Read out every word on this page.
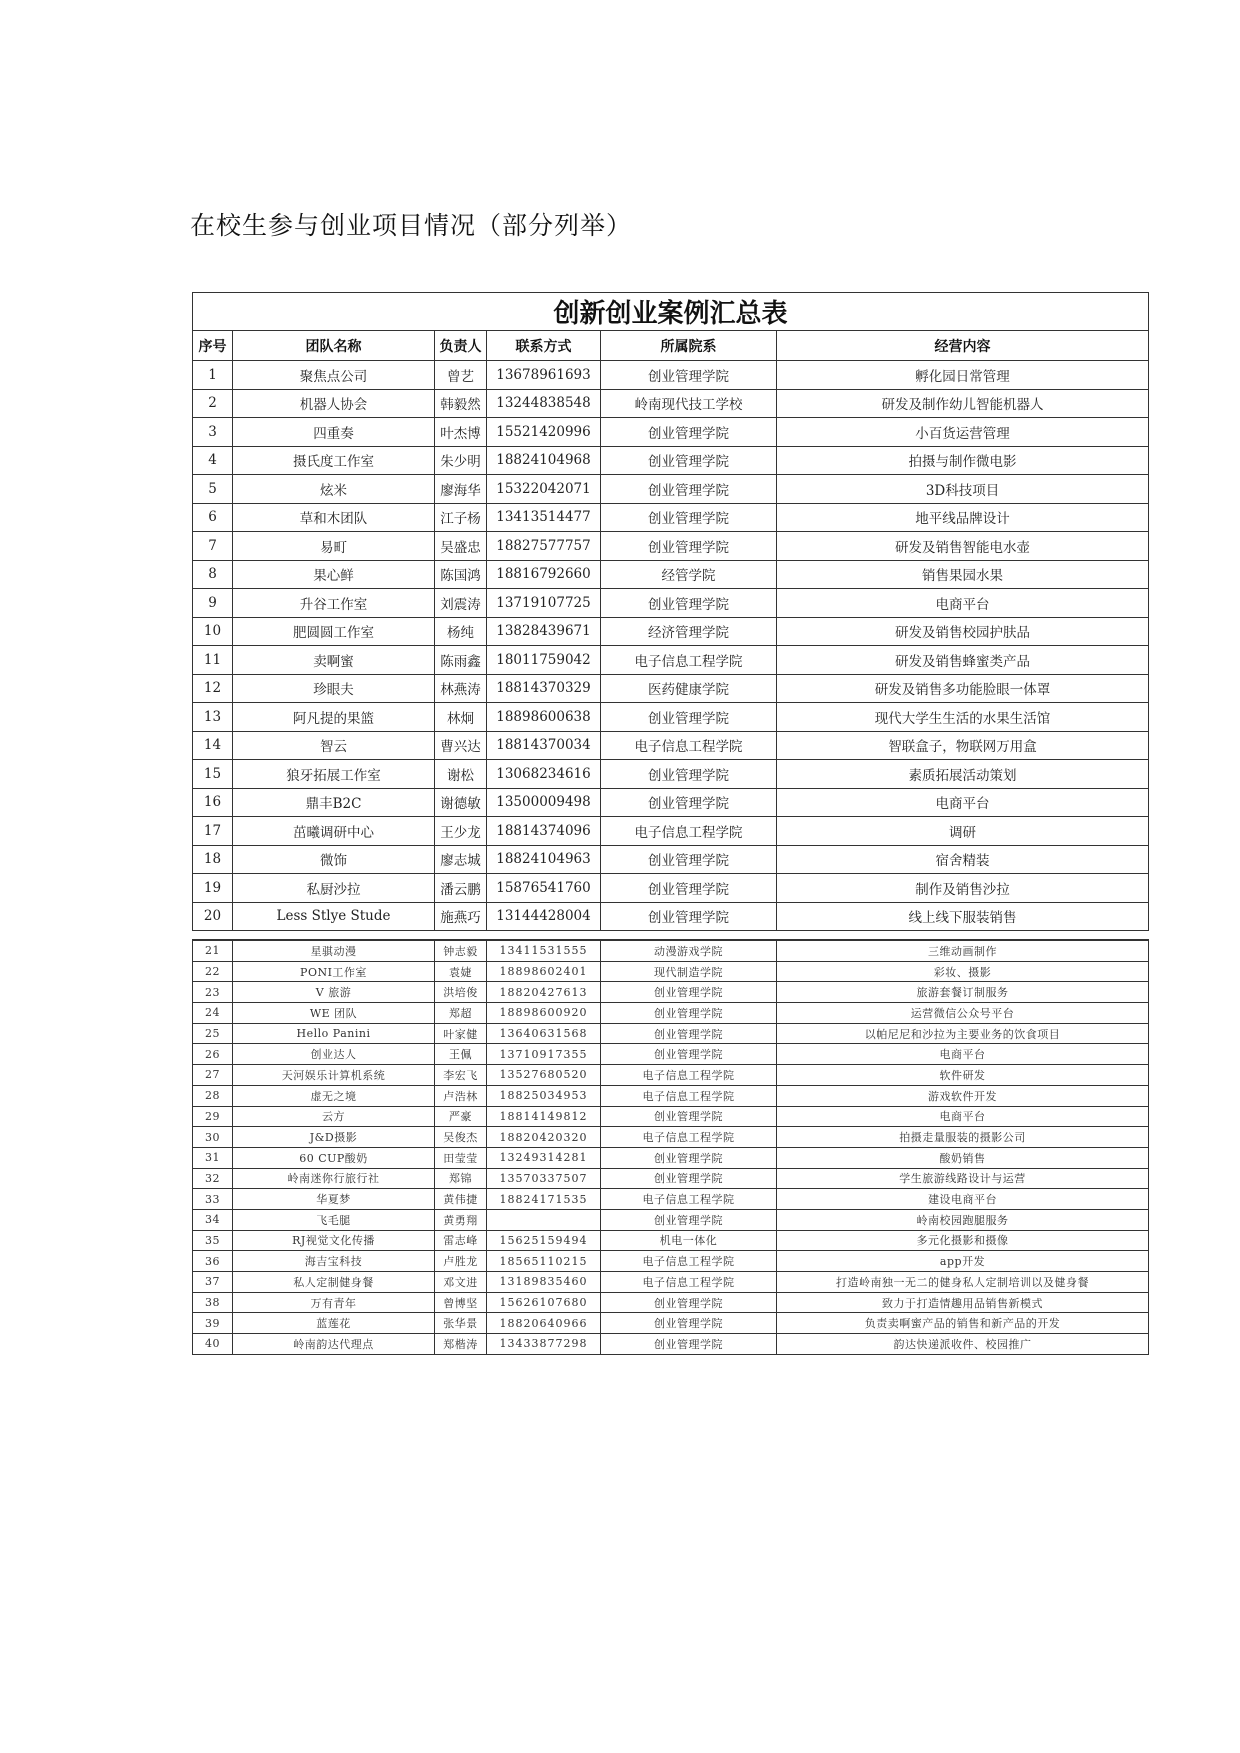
在校生参与创业项目情况（部分列举）
创新创业案例汇总表					
序号	团队名称	负责人	联系方式	所属院系	经营内容
1	聚焦点公司	曾艺	13678961693	创业管理学院	孵化园日常管理
2	机器人协会	韩毅然	13244838548	岭南现代技工学校	研发及制作幼儿智能机器人
3	四重奏	叶杰博	15521420996	创业管理学院	小百货运营管理
4	摄氏度工作室	朱少明	18824104968	创业管理学院	拍摄与制作微电影
5	炫米	廖海华	15322042071	创业管理学院	3D科技项目
6	草和木团队	江子杨	13413514477	创业管理学院	地平线品牌设计
7	易町	吴盛忠	18827577757	创业管理学院	研发及销售智能电水壶
8	果心鲜	陈国鸿	18816792660	经管学院	销售果园水果
9	升谷工作室	刘震涛	13719107725	创业管理学院	电商平台
10	肥圆圆工作室	杨纯	13828439671	经济管理学院	研发及销售校园护肤品
11	卖啊蜜	陈雨鑫	18011759042	电子信息工程学院	研发及销售蜂蜜类产品
12	珍眼夫	林燕涛	18814370329	医药健康学院	研发及销售多功能脸眼一体罩
13	阿凡提的果篮	林炯	18898600638	创业管理学院	现代大学生生活的水果生活馆
14	智云	曹兴达	18814370034	电子信息工程学院	智联盒子，物联网万用盒
15	狼牙拓展工作室	谢松	13068234616	创业管理学院	素质拓展活动策划
16	鼎丰B2C	谢德敏	13500009498	创业管理学院	电商平台
17	茁曦调研中心	王少龙	18814374096	电子信息工程学院	调研
18	微饰	廖志城	18824104963	创业管理学院	宿舍精装
19	私厨沙拉	潘云鹏	15876541760	创业管理学院	制作及销售沙拉
20	Less Stlye Stude	施燕巧	13144428004	创业管理学院	线上线下服装销售
21	星骐动漫	钟志毅	13411531555	动漫游戏学院	三维动画制作
22	PONI工作室	袁婕	18898602401	现代制造学院	彩妆、摄影
23	V 旅游	洪培俊	18820427613	创业管理学院	旅游套餐订制服务
24	WE 团队	郑超	18898600920	创业管理学院	运营微信公众号平台
25	Hello Panini	叶家健	13640631568	创业管理学院	以帕尼尼和沙拉为主要业务的饮食项目
26	创业达人	王佩	13710917355	创业管理学院	电商平台
27	天河娱乐计算机系统	李宏飞	13527680520	电子信息工程学院	软件研发
28	虚无之境	卢浩林	18825034953	电子信息工程学院	游戏软件开发
29	云方	严豪	18814149812	创业管理学院	电商平台
30	J&D摄影	吴俊杰	18820420320	电子信息工程学院	拍摄走量服装的摄影公司
31	60 CUP酸奶	田莹莹	13249314281	创业管理学院	酸奶销售
32	岭南迷你行旅行社	郑锦	13570337507	创业管理学院	学生旅游线路设计与运营
33	华夏梦	黄伟捷	18824171535	电子信息工程学院	建设电商平台
34	飞毛腿	黄勇翔		创业管理学院	岭南校园跑腿服务
35	RJ视觉文化传播	雷志峰	15625159494	机电一体化	多元化摄影和摄像
36	海吉宝科技	卢胜龙	18565110215	电子信息工程学院	app开发
37	私人定制健身餐	邓文进	13189835460	电子信息工程学院	打造岭南独一无二的健身私人定制培训以及健身餐
38	万有青年	曾博坚	15626107680	创业管理学院	致力于打造情趣用品销售新模式
39	蓝莲花	张华景	18820640966	创业管理学院	负责卖啊蜜产品的销售和新产品的开发
40	岭南韵达代理点	郑楷涛	13433877298	创业管理学院	韵达快递派收件、校园推广
